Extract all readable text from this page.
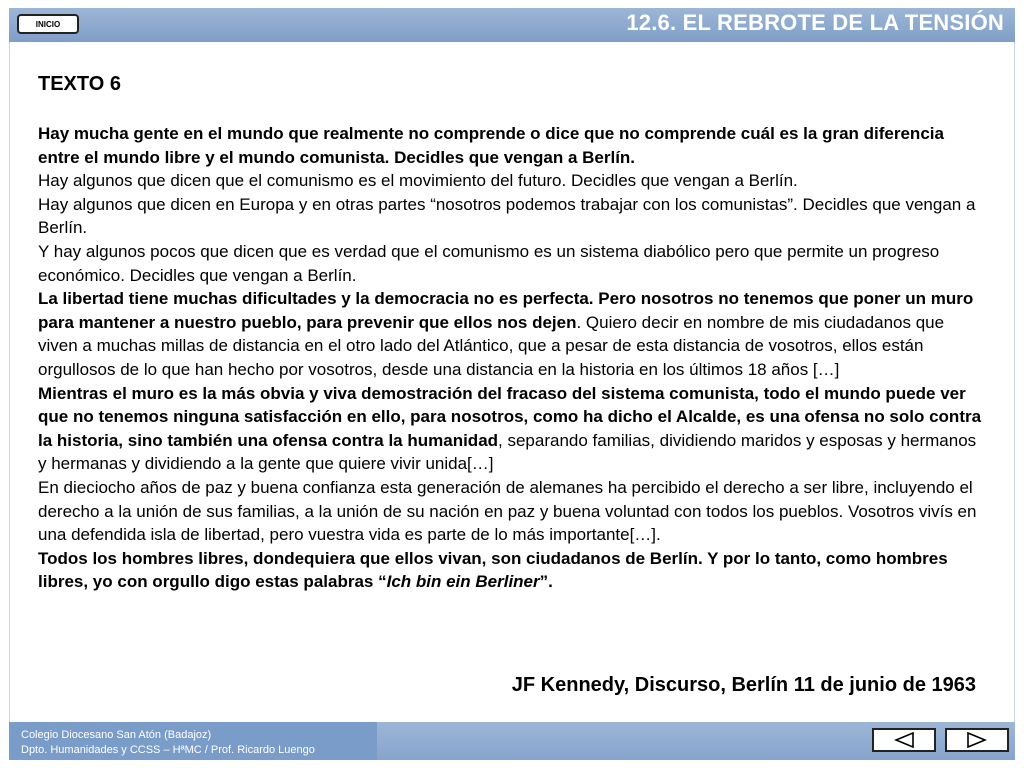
INICIO	12.6. EL REBROTE DE LA TENSIÓN
TEXTO 6

Hay mucha gente en el mundo que realmente no comprende o dice que no comprende cuál es la gran diferencia entre el mundo libre y el mundo comunista. Decidles que vengan a Berlín.

Hay algunos que dicen que el comunismo es el movimiento del futuro. Decidles que vengan a Berlín.

Hay algunos que dicen en Europa y en otras partes “nosotros podemos trabajar con los comunistas”. Decidles que vengan a Berlín.

Y hay algunos pocos que dicen que es verdad que el comunismo es un sistema diabólico pero que permite un progreso económico. Decidles que vengan a Berlín.

La libertad tiene muchas dificultades y la democracia no es perfecta. Pero nosotros no tenemos que poner un muro para mantener a nuestro pueblo, para prevenir que ellos nos dejen. Quiero decir en nombre de mis ciudadanos que viven a muchas millas de distancia en el otro lado del Atlántico, que a pesar de esta distancia de vosotros, ellos están orgullosos de lo que han hecho por vosotros, desde una distancia en la historia en los últimos 18 años […]

Mientras el muro es la más obvia y viva demostración del fracaso del sistema comunista, todo el mundo puede ver que no tenemos ninguna satisfacción en ello, para nosotros, como ha dicho el Alcalde, es una ofensa no solo contra la historia, sino también una ofensa contra la humanidad, separando familias, dividiendo maridos y esposas y hermanos y hermanas y dividiendo a la gente que quiere vivir unida[…]

En dieciocho años de paz y buena confianza esta generación de alemanes ha percibido el derecho a ser libre, incluyendo el derecho a la unión de sus familias, a la unión de su nación en paz y buena voluntad con todos los pueblos. Vosotros vivís en una defendida isla de libertad, pero vuestra vida es parte de lo más importante[…].

Todos los hombres libres, dondequiera que ellos vivan, son ciudadanos de Berlín. Y por lo tanto, como hombres libres, yo con orgullo digo estas palabras “Ich bin ein Berliner”.

JF Kennedy, Discurso, Berlín 11 de junio de 1963
Colegio Diocesano San Atón (Badajoz)
Dpto. Humanidades y CCSS – HªMC / Prof. Ricardo Luengo
